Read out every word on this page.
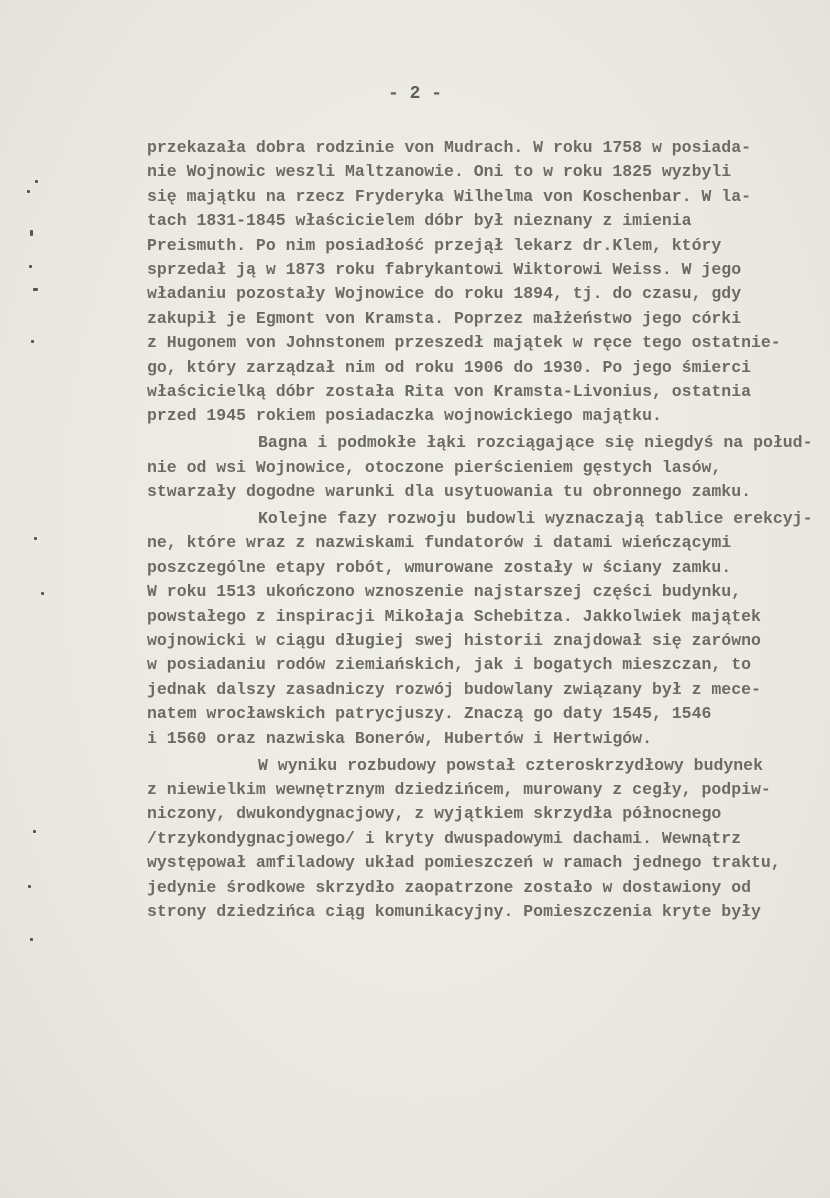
- 2 -
przekazała dobra rodzinie von Mudrach. W roku 1758 w posiada-
nie Wojnowic weszli Maltzanowie. Oni to w roku 1825 wyzbyli
się majątku na rzecz Fryderyka Wilhelma von Koschenbar. W la-
tach 1831-1845 właścicielem dóbr był nieznany z imienia
Preismuth. Po nim posiadłość przejął lekarz dr.Klem, który
sprzedał ją w 1873 roku fabrykantowi Wiktorowi Weiss. W jego
władaniu pozostały Wojnowice do roku 1894, tj. do czasu, gdy
zakupił je Egmont von Kramsta. Poprzez małżeństwo jego córki
z Hugonem von Johnstonem przeszedł majątek w ręce tego ostatnie-
go, który zarządzał nim od roku 1906 do 1930. Po jego śmierci
właścicielką dóbr została Rita von Kramsta-Livonius, ostatnia
przed 1945 rokiem posiadaczka wojnowickiego majątku.
Bagna i podmokłe łąki rozciągające się niegdyś na połud-
nie od wsi Wojnowice, otoczone pierścieniem gęstych lasów,
stwarzały dogodne warunki dla usytuowania tu obronnego zamku.
Kolejne fazy rozwoju budowli wyznaczają tablice erekcyj-
ne, które wraz z nazwiskami fundatorów i datami wieńczącymi
poszczególne etapy robót, wmurowane zostały w ściany zamku.
W roku 1513 ukończono wznoszenie najstarszej części budynku,
powstałego z inspiracji Mikołaja Schebitza. Jakkolwiek majątek
wojnowicki w ciągu długiej swej historii znajdował się zarówno
w posiadaniu rodów ziemiańskich, jak i bogatych mieszczan, to
jednak dalszy zasadniczy rozwój budowlany związany był z mece-
natem wrocławskich patrycjuszy. Znaczą go daty 1545, 1546
i 1560 oraz nazwiska Bonerów, Hubertów i Hertwigów.
W wyniku rozbudowy powstał czteroskrzydłowy budynek
z niewielkim wewnętrznym dziedzińcem, murowany z cegły, podpiw-
niczony, dwukondygnacjowy, z wyjątkiem skrzydła północnego
/trzykondygnacjowego/ i kryty dwuspadowymi dachami. Wewnątrz
występował amfiladowy układ pomieszczeń w ramach jednego traktu,
jedynie środkowe skrzydło zaopatrzone zostało w dostawiony od
strony dziedzińca ciąg komunikacyjny. Pomieszczenia kryte były
